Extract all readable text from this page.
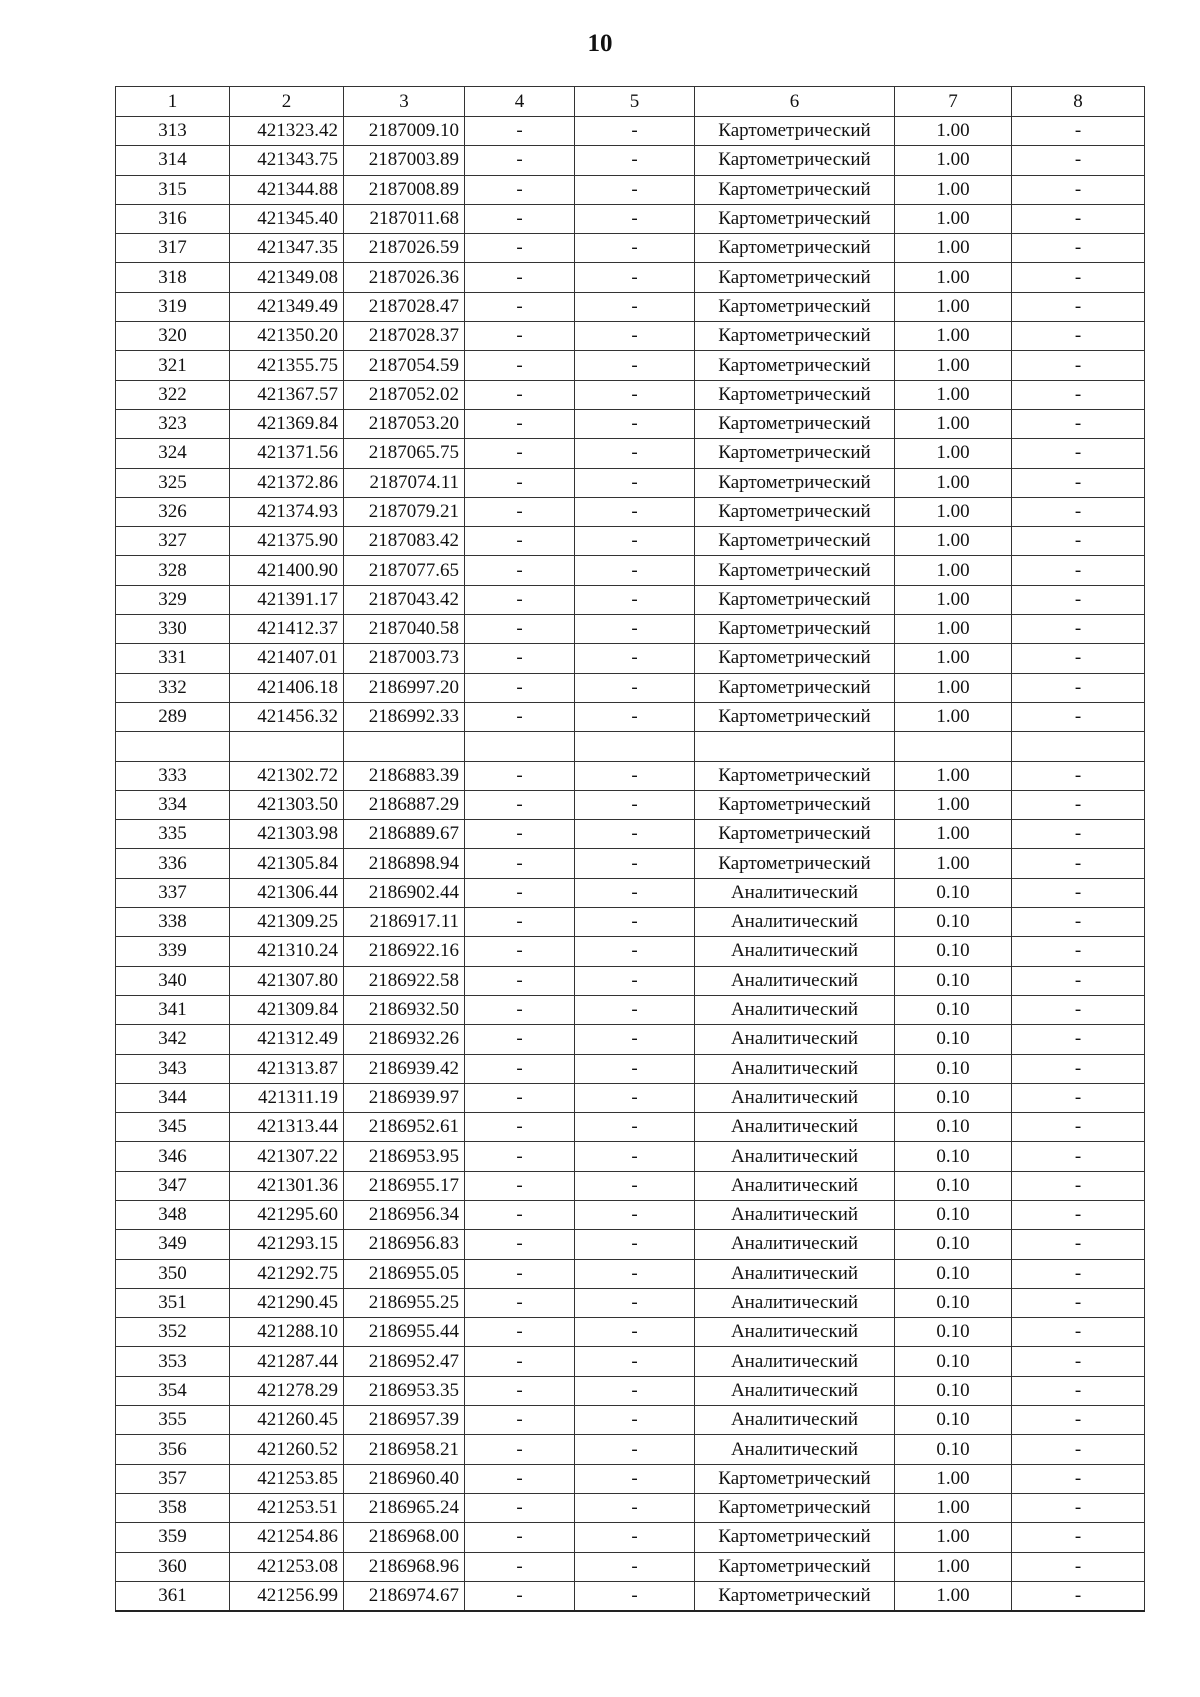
10
1	2	3	4	5	6	7	8
313	421323.42	2187009.10	-	-	Картометрический	1.00	-
314	421343.75	2187003.89	-	-	Картометрический	1.00	-
315	421344.88	2187008.89	-	-	Картометрический	1.00	-
316	421345.40	2187011.68	-	-	Картометрический	1.00	-
317	421347.35	2187026.59	-	-	Картометрический	1.00	-
318	421349.08	2187026.36	-	-	Картометрический	1.00	-
319	421349.49	2187028.47	-	-	Картометрический	1.00	-
320	421350.20	2187028.37	-	-	Картометрический	1.00	-
321	421355.75	2187054.59	-	-	Картометрический	1.00	-
322	421367.57	2187052.02	-	-	Картометрический	1.00	-
323	421369.84	2187053.20	-	-	Картометрический	1.00	-
324	421371.56	2187065.75	-	-	Картометрический	1.00	-
325	421372.86	2187074.11	-	-	Картометрический	1.00	-
326	421374.93	2187079.21	-	-	Картометрический	1.00	-
327	421375.90	2187083.42	-	-	Картометрический	1.00	-
328	421400.90	2187077.65	-	-	Картометрический	1.00	-
329	421391.17	2187043.42	-	-	Картометрический	1.00	-
330	421412.37	2187040.58	-	-	Картометрический	1.00	-
331	421407.01	2187003.73	-	-	Картометрический	1.00	-
332	421406.18	2186997.20	-	-	Картометрический	1.00	-
289	421456.32	2186992.33	-	-	Картометрический	1.00	-

333	421302.72	2186883.39	-	-	Картометрический	1.00	-
334	421303.50	2186887.29	-	-	Картометрический	1.00	-
335	421303.98	2186889.67	-	-	Картометрический	1.00	-
336	421305.84	2186898.94	-	-	Картометрический	1.00	-
337	421306.44	2186902.44	-	-	Аналитический	0.10	-
338	421309.25	2186917.11	-	-	Аналитический	0.10	-
339	421310.24	2186922.16	-	-	Аналитический	0.10	-
340	421307.80	2186922.58	-	-	Аналитический	0.10	-
341	421309.84	2186932.50	-	-	Аналитический	0.10	-
342	421312.49	2186932.26	-	-	Аналитический	0.10	-
343	421313.87	2186939.42	-	-	Аналитический	0.10	-
344	421311.19	2186939.97	-	-	Аналитический	0.10	-
345	421313.44	2186952.61	-	-	Аналитический	0.10	-
346	421307.22	2186953.95	-	-	Аналитический	0.10	-
347	421301.36	2186955.17	-	-	Аналитический	0.10	-
348	421295.60	2186956.34	-	-	Аналитический	0.10	-
349	421293.15	2186956.83	-	-	Аналитический	0.10	-
350	421292.75	2186955.05	-	-	Аналитический	0.10	-
351	421290.45	2186955.25	-	-	Аналитический	0.10	-
352	421288.10	2186955.44	-	-	Аналитический	0.10	-
353	421287.44	2186952.47	-	-	Аналитический	0.10	-
354	421278.29	2186953.35	-	-	Аналитический	0.10	-
355	421260.45	2186957.39	-	-	Аналитический	0.10	-
356	421260.52	2186958.21	-	-	Аналитический	0.10	-
357	421253.85	2186960.40	-	-	Картометрический	1.00	-
358	421253.51	2186965.24	-	-	Картометрический	1.00	-
359	421254.86	2186968.00	-	-	Картометрический	1.00	-
360	421253.08	2186968.96	-	-	Картометрический	1.00	-
361	421256.99	2186974.67	-	-	Картометрический	1.00	-
